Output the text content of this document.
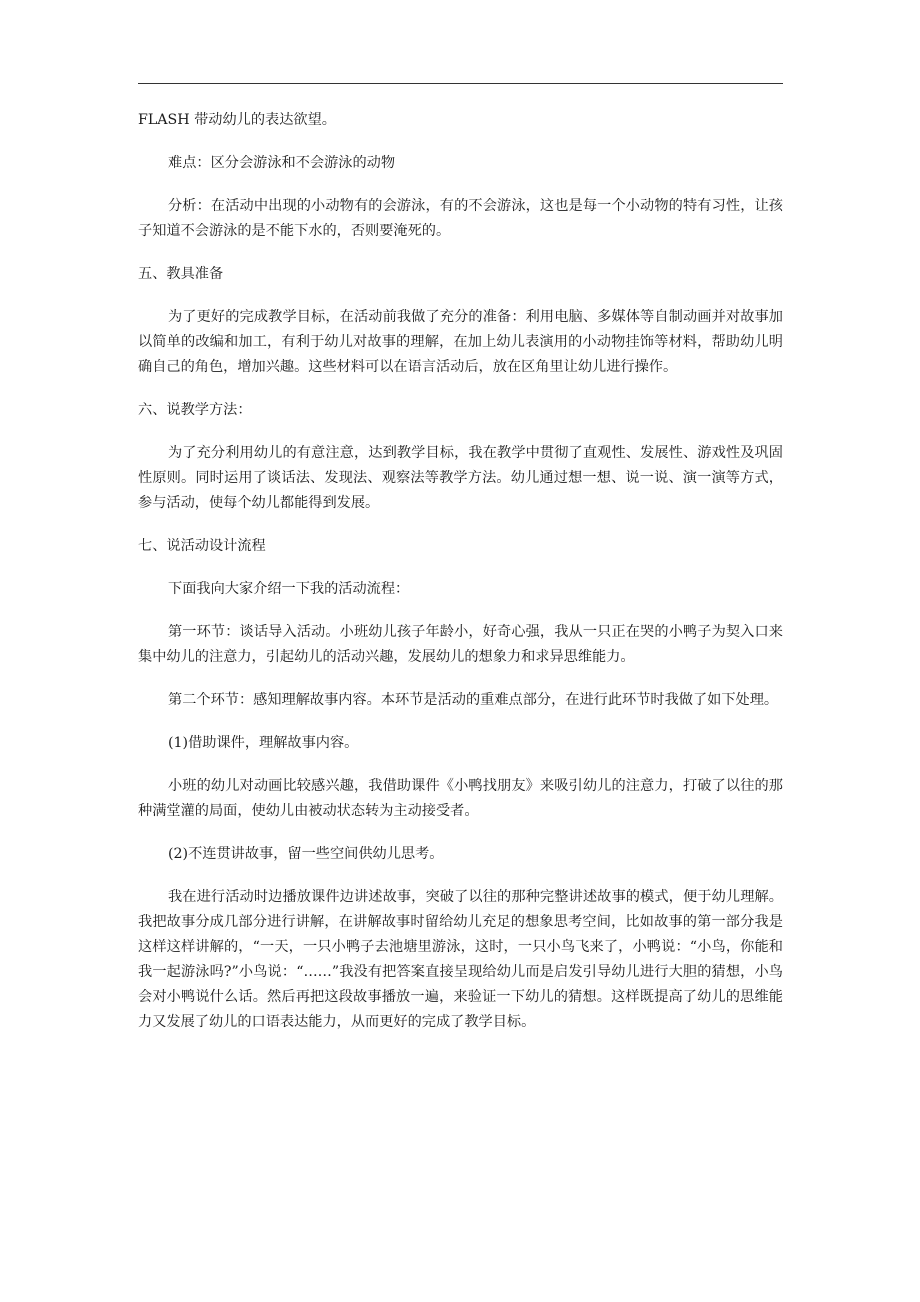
FLASH 带动幼儿的表达欲望。

难点：区分会游泳和不会游泳的动物

分析：在活动中出现的小动物有的会游泳，有的不会游泳，这也是每一个小动物的特有习性，让孩子知道不会游泳的是不能下水的，否则要淹死的。

五、教具准备

为了更好的完成教学目标，在活动前我做了充分的准备：利用电脑、多媒体等自制动画并对故事加以简单的改编和加工，有利于幼儿对故事的理解，在加上幼儿表演用的小动物挂饰等材料，帮助幼儿明确自己的角色，增加兴趣。这些材料可以在语言活动后，放在区角里让幼儿进行操作。

六、说教学方法：

为了充分利用幼儿的有意注意，达到教学目标，我在教学中贯彻了直观性、发展性、游戏性及巩固性原则。同时运用了谈话法、发现法、观察法等教学方法。幼儿通过想一想、说一说、演一演等方式，参与活动，使每个幼儿都能得到发展。

七、说活动设计流程

下面我向大家介绍一下我的活动流程：

第一环节：谈话导入活动。小班幼儿孩子年龄小，好奇心强，我从一只正在哭的小鸭子为契入口来集中幼儿的注意力，引起幼儿的活动兴趣，发展幼儿的想象力和求异思维能力。

第二个环节：感知理解故事内容。本环节是活动的重难点部分，在进行此环节时我做了如下处理。

(1)借助课件，理解故事内容。

小班的幼儿对动画比较感兴趣，我借助课件《小鸭找朋友》来吸引幼儿的注意力，打破了以往的那种满堂灌的局面，使幼儿由被动状态转为主动接受者。

(2)不连贯讲故事，留一些空间供幼儿思考。

我在进行活动时边播放课件边讲述故事，突破了以往的那种完整讲述故事的模式，便于幼儿理解。我把故事分成几部分进行讲解，在讲解故事时留给幼儿充足的想象思考空间，比如故事的第一部分我是这样这样讲解的，“一天，一只小鸭子去池塘里游泳，这时，一只小鸟飞来了，小鸭说：“小鸟，你能和我一起游泳吗?”小鸟说：“……”我没有把答案直接呈现给幼儿而是启发引导幼儿进行大胆的猜想，小鸟会对小鸭说什么话。然后再把这段故事播放一遍，来验证一下幼儿的猜想。这样既提高了幼儿的思维能力又发展了幼儿的口语表达能力，从而更好的完成了教学目标。
